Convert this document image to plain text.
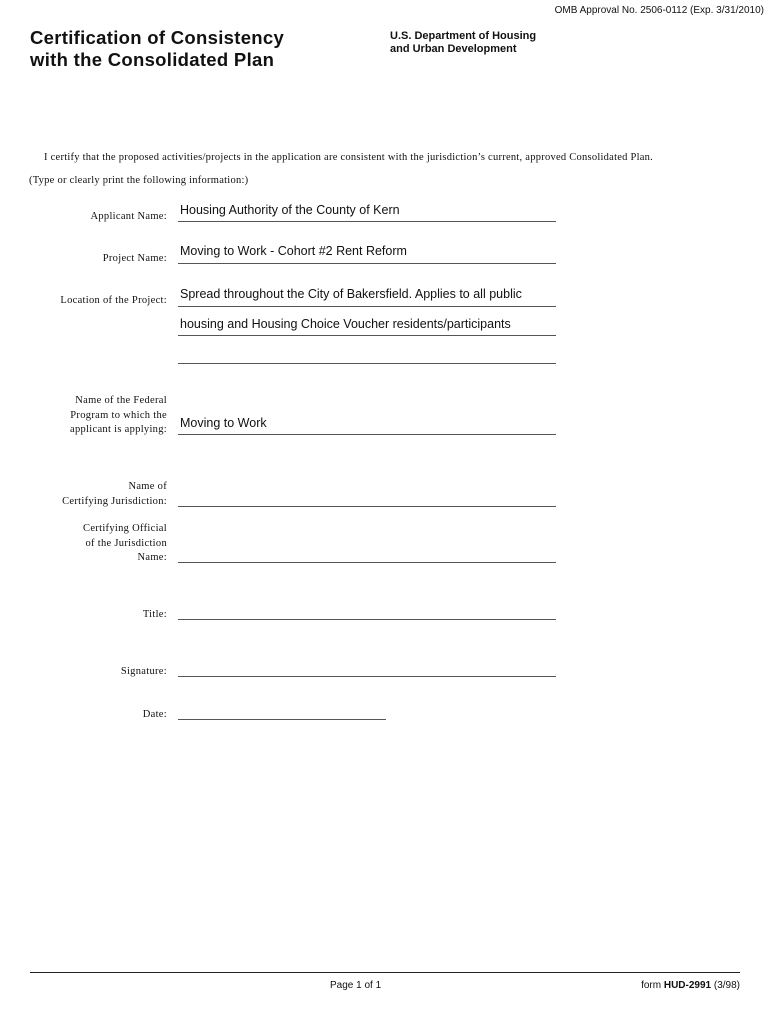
OMB Approval No. 2506-0112 (Exp. 3/31/2010)
Certification of Consistency
with the Consolidated Plan
U.S. Department of Housing
and Urban Development
I certify that the proposed activities/projects in the application are consistent with the jurisdiction’s current, approved Consolidated Plan.
(Type or clearly print the following information:)
Applicant Name: Housing Authority of the County of Kern
Project Name:
Moving to Work - Cohort #2 Rent Reform
Location of the Project: Spread throughout the City of Bakersfield. Applies to all public
housing and Housing Choice Voucher residents/participants
Name of the Federal
Program to which the
applicant is applying: Moving to Work
Name of
Certifying Jurisdiction:
Certifying Official
of the Jurisdiction
Name:
Title:
Signature:
Date:
Page 1 of 1	form HUD-2991 (3/98)
